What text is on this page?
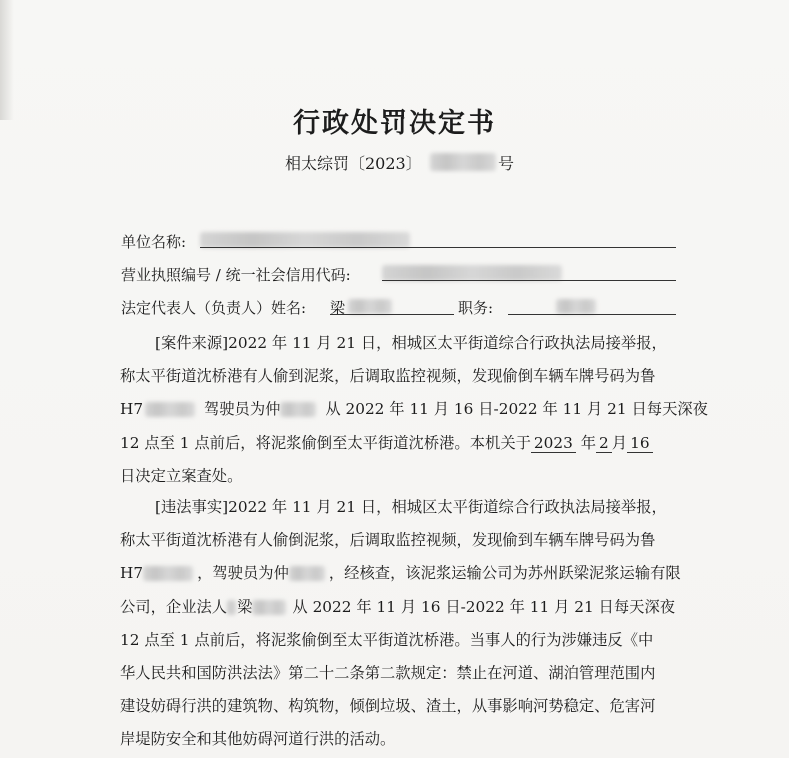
行政处罚决定书
相太综罚〔2023〕	号
单位名称:
营业执照编号 / 统一社会信用代码:
法定代表人（负责人）姓名: 梁	职务:
[案件来源]2022 年 11 月 21 日，相城区太平街道综合行政执法局接举报，
称太平街道沈桥港有人偷到泥浆，后调取监控视频，发现偷倒车辆车牌号码为鲁
H7	驾驶员为仲	从 2022 年 11 月 16 日-2022 年 11 月 21 日每天深夜
12 点至 1 点前后，将泥浆偷倒至太平街道沈桥港。本机关于 2023 年 2 月 16
日决定立案查处。
[违法事实]2022 年 11 月 21 日，相城区太平街道综合行政执法局接举报，
称太平街道沈桥港有人偷倒泥浆，后调取监控视频，发现偷到车辆车牌号码为鲁
H7	，驾驶员为仲	，经核查，该泥浆运输公司为苏州跃梁泥浆运输有限
公司，企业法人 梁	从 2022 年 11 月 16 日-2022 年 11 月 21 日每天深夜
12 点至 1 点前后，将泥浆偷倒至太平街道沈桥港。当事人的行为涉嫌违反《中
华人民共和国防洪法法》第二十二条第二款规定：禁止在河道、湖泊管理范围内
建设妨碍行洪的建筑物、构筑物，倾倒垃圾、渣土，从事影响河势稳定、危害河
岸堤防安全和其他妨碍河道行洪的活动。
